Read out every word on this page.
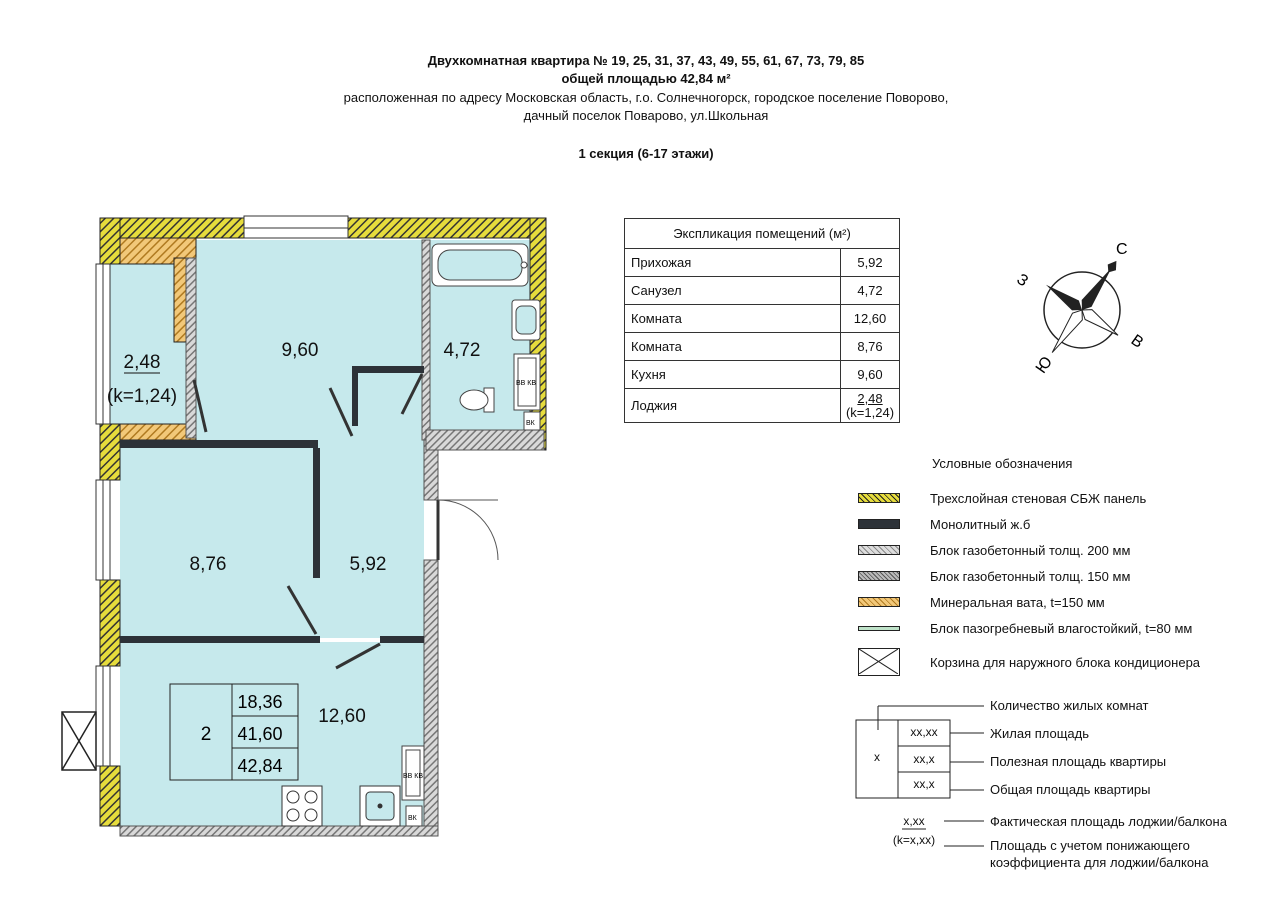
Двухкомнатная квартира № 19, 25, 31, 37, 43, 49, 55, 61, 67, 73, 79, 85
общей площадью 42,84 м²
расположенная по адресу Московская область, г.о. Солнечногорск, городское поселение Поворово,
дачный поселок Поварово, ул.Школьная
1 секция (6-17 этажи)
ВВ КВ
ВК
ВВ КВ
ВК
2,48
(k=1,24)
9,60	4,72
8,76	5,92
12,60
2
18,36
41,60
42,84
С
В
Ю
З
Экспликация помещений (м²)	
Прихожая	5,92
Санузел	4,72
Комната	12,60
Комната	8,76
Кухня	9,60
Лоджия	2,48
(k=1,24)
Условные обозначения
Трехслойная стеновая СБЖ панель
Монолитный ж.б
Блок газобетонный толщ. 200 мм
Блок газобетонный толщ. 150 мм
Минеральная вата, t=150 мм
Блок пазогребневый влагостойкий, t=80 мм
Корзина для наружного блока кондиционера
х
хх,хх
хх,х
хх,х
Количество жилых комнат
Жилая площадь
Полезная площадь квартиры
Общая площадь квартиры
х,хх
(k=х,хх)
Фактическая площадь лоджии/балкона
Площадь с учетом понижающего
коэффициента для лоджии/балкона
